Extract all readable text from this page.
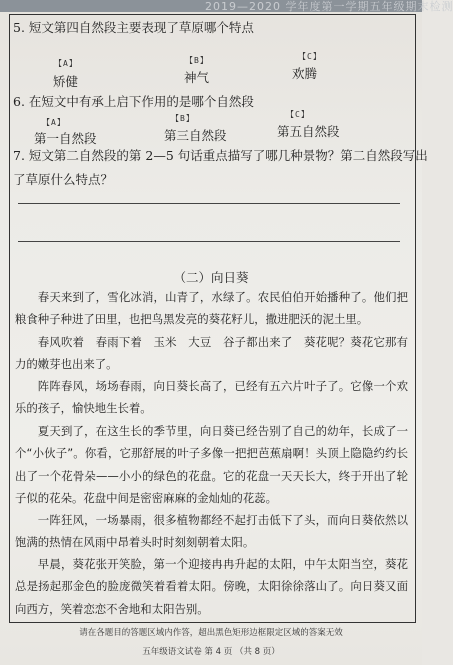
2019—2020 学年度第一学期五年级期末检测
5. 短文第四自然段主要表现了草原哪个特点
【A】
矫健
【B】
神气
【C】
欢腾
6. 在短文中有承上启下作用的是哪个自然段
【A】
第一自然段
【B】
第三自然段
【C】
第五自然段
7. 短文第二自然段的第 2—5 句话重点描写了哪几种景物？第二自然段写出
了草原什么特点？
（二）向日葵

春天来到了，雪化冰消，山青了，水绿了。农民伯伯开始播种了。他们把粮食种子种进了田里，也把鸟黑发亮的葵花籽儿，撒进肥沃的泥土里。

春风吹着　春雨下着　玉米　大豆　谷子都出来了　葵花呢？葵花它那有力的嫩芽也出来了。

阵阵春风，场场春雨，向日葵长高了，已经有五六片叶子了。它像一个欢乐的孩子，愉快地生长着。

夏天到了，在这生长的季节里，向日葵已经告别了自己的幼年，长成了一个“小伙子”。你看，它那舒展的叶子多像一把把芭蕉扇啊！头顶上隐隐约约长出了一个花骨朵——小小的绿色的花盘。它的花盘一天天长大，终于开出了轮子似的花朵。花盘中间是密密麻麻的金灿灿的花蕊。

一阵狂风，一场暴雨，很多植物都经不起打击低下了头，而向日葵依然以饱满的热情在风雨中昂着头时时刻刻朝着太阳。

早晨，葵花张开笑脸，第一个迎接冉冉升起的太阳，中午太阳当空，葵花总是扬起那金色的脸庞微笑着看着太阳。傍晚，太阳徐徐落山了。向日葵又面向西方，笑着恋恋不舍地和太阳告别。

请在各题目的答题区域内作答，超出黑色矩形边框限定区域的答案无效
五年级语文试卷 第 4 页 （共 8 页）
